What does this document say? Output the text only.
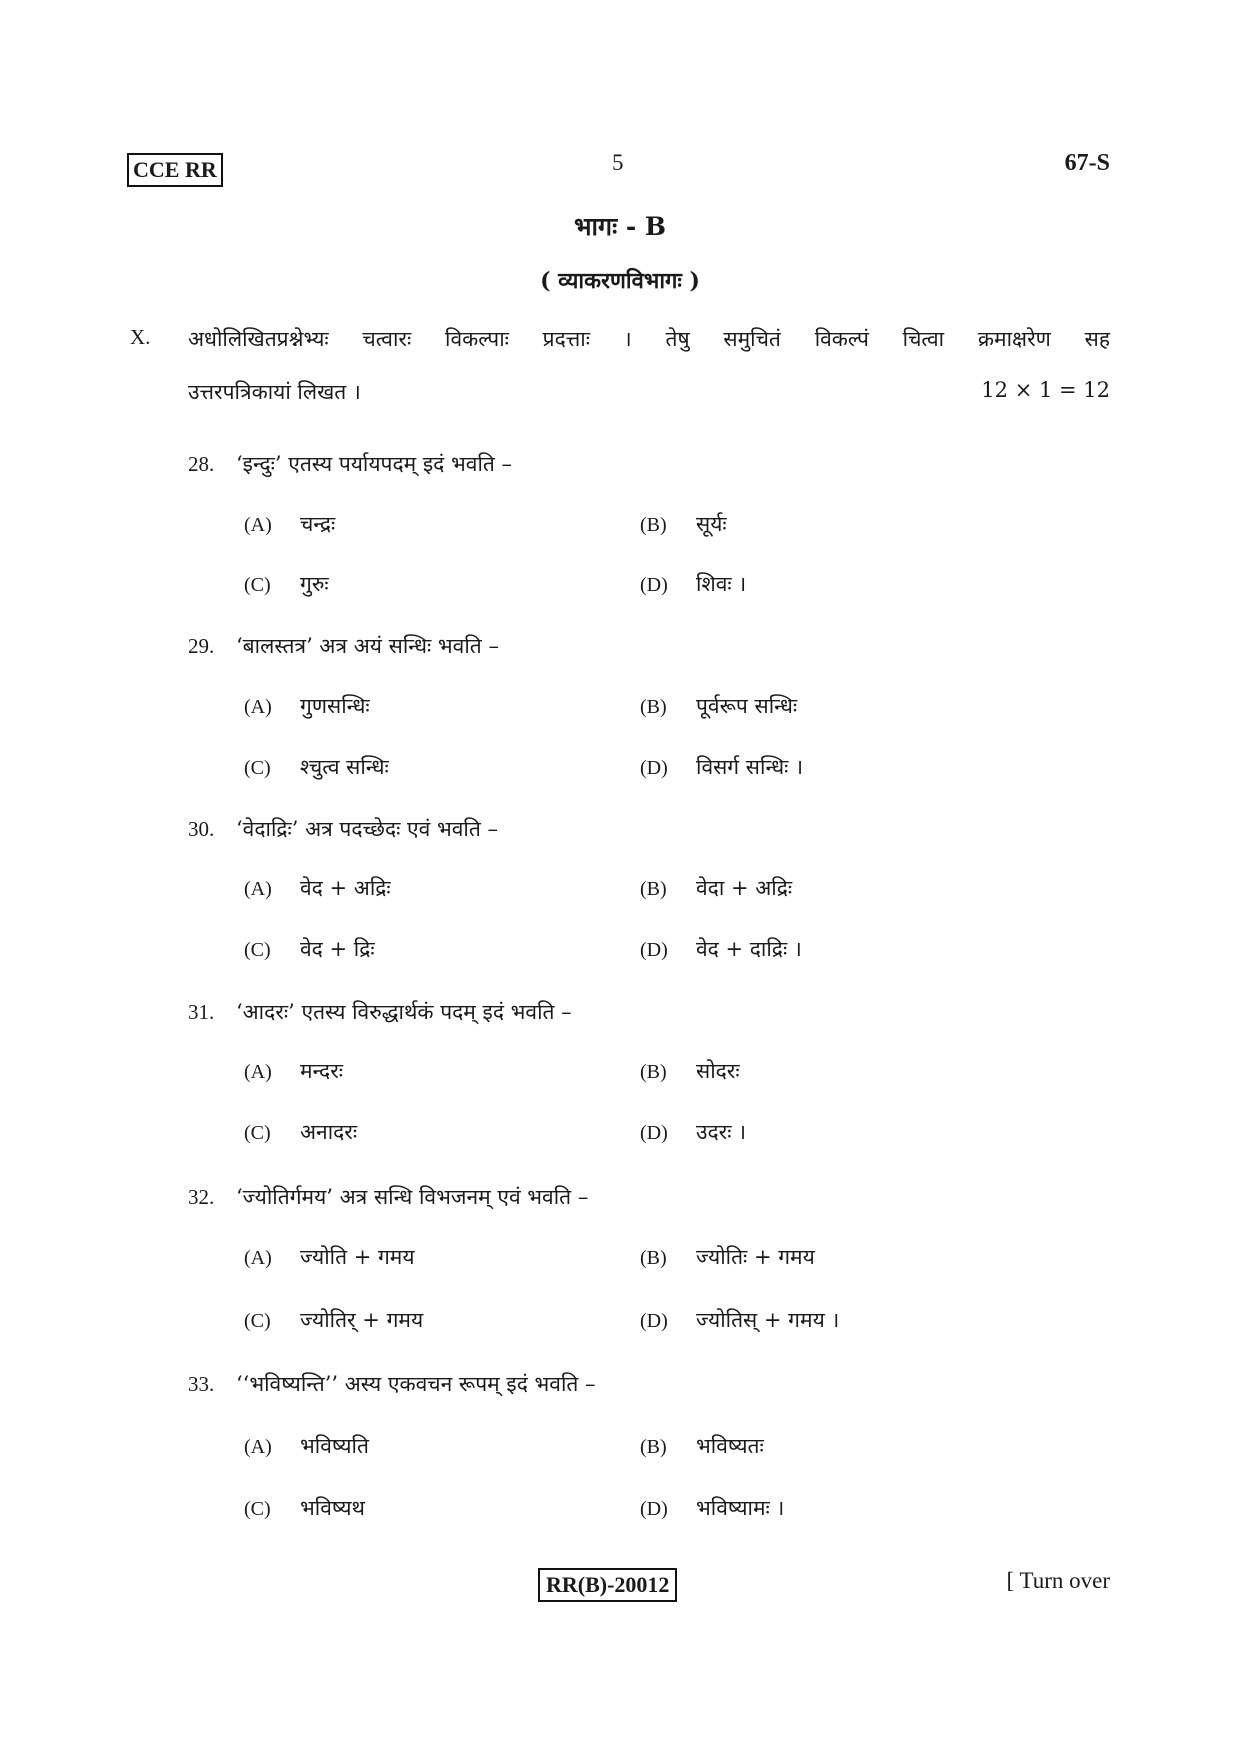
CCE RR	5	67-S
भागः - B
( व्याकरणविभागः )
X. अधोलिखितप्रश्नेभ्यः चत्वारः विकल्पाः प्रदत्ताः । तेषु समुचितं विकल्पं चित्वा क्रमाक्षरेण सह
उत्तरपत्रिकायां लिखत ।	12 × 1 = 12
28. ‘इन्दुः’ एतस्य पर्यायपदम् इदं भवति –
(A) चन्द्रः	(B) सूर्यः
(C) गुरुः	(D) शिवः ।
29. ‘बालस्तत्र’ अत्र अयं सन्धिः भवति –
(A) गुणसन्धिः	(B) पूर्वरूप सन्धिः
(C) श्चुत्व सन्धिः	(D) विसर्ग सन्धिः ।
30. ‘वेदाद्रिः’ अत्र पदच्छेदः एवं भवति –
(A) वेद + अद्रिः	(B) वेदा + अद्रिः
(C) वेद + द्रिः	(D) वेद + दाद्रिः ।
31. ‘आदरः’ एतस्य विरुद्धार्थकं पदम् इदं भवति –
(A) मन्दरः	(B) सोदरः
(C) अनादरः	(D) उदरः ।
32. ‘ज्योतिर्गमय’ अत्र सन्धि विभजनम् एवं भवति –
(A) ज्योति + गमय	(B) ज्योतिः + गमय
(C) ज्योतिर् + गमय	(D) ज्योतिस् + गमय ।
33. ‘‘भविष्यन्ति’’ अस्य एकवचन रूपम् इदं भवति –
(A) भविष्यति	(B) भविष्यतः
(C) भविष्यथ	(D) भविष्यामः ।
RR(B)-20012	[ Turn over
